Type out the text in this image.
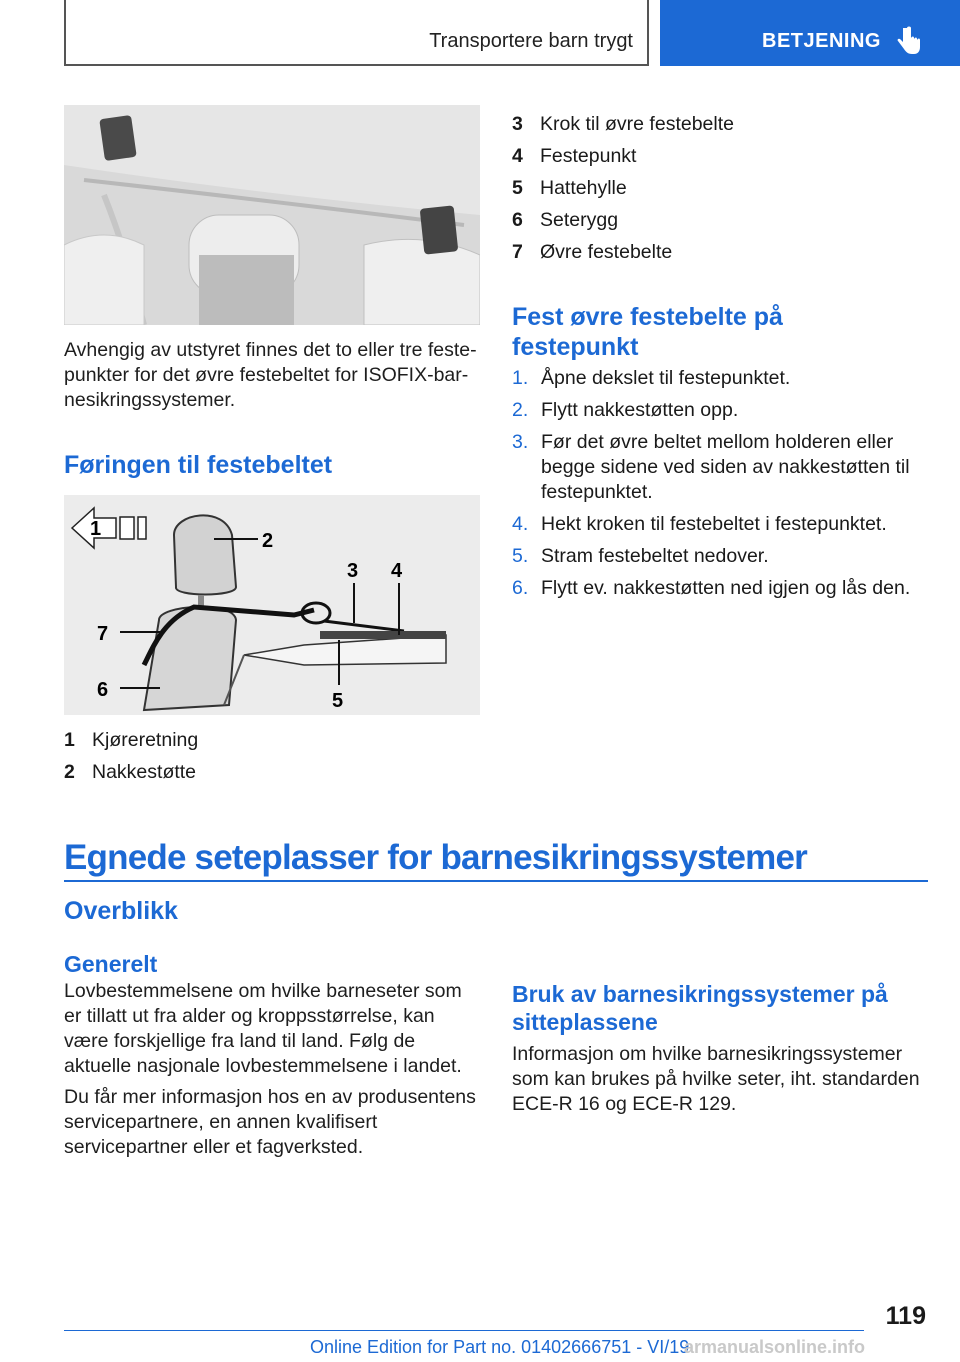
Transportere barn trygt	BETJENING

Avhengig av utstyret finnes det to eller tre festepunkter for det øvre festebeltet for ISOFIX-barnesikringssystemer.

Føringen til festebeltet
1
2
3 4
5
6
7
1 Kjøreretning
2 Nakkestøtte
3 Krok til øvre festebelte
4 Festepunkt
5 Hattehylle
6 Seterygg
7 Øvre festebelte
Fest øvre festebelte på festepunkt
1. Åpne dekslet til festepunktet.
2. Flytt nakkestøtten opp.
3. Før det øvre beltet mellom holderen eller begge sidene ved siden av nakkestøtten til festepunktet.
4. Hekt kroken til festebeltet i festepunktet.
5. Stram festebeltet nedover.
6. Flytt ev. nakkestøtten ned igjen og lås den.
Egnede seteplasser for barnesikringssystemer
Overblikk
Generelt

Lovbestemmelsene om hvilke barneseter som er tillatt ut fra alder og kroppsstørrelse, kan være forskjellige fra land til land. Følg de aktuelle nasjonale lovbestemmelsene i landet.

Du får mer informasjon hos en av produsentens servicepartnere, en annen kvalifisert servicepartner eller et fagverksted.

Bruk av barnesikringssystemer på sitteplassene

Informasjon om hvilke barnesikringssystemer som kan brukes på hvilke seter, iht. standarden ECE-R 16 og ECE-R 129.

119
Online Edition for Part no. 01402666751 - VI/19
armanualsonline.info
